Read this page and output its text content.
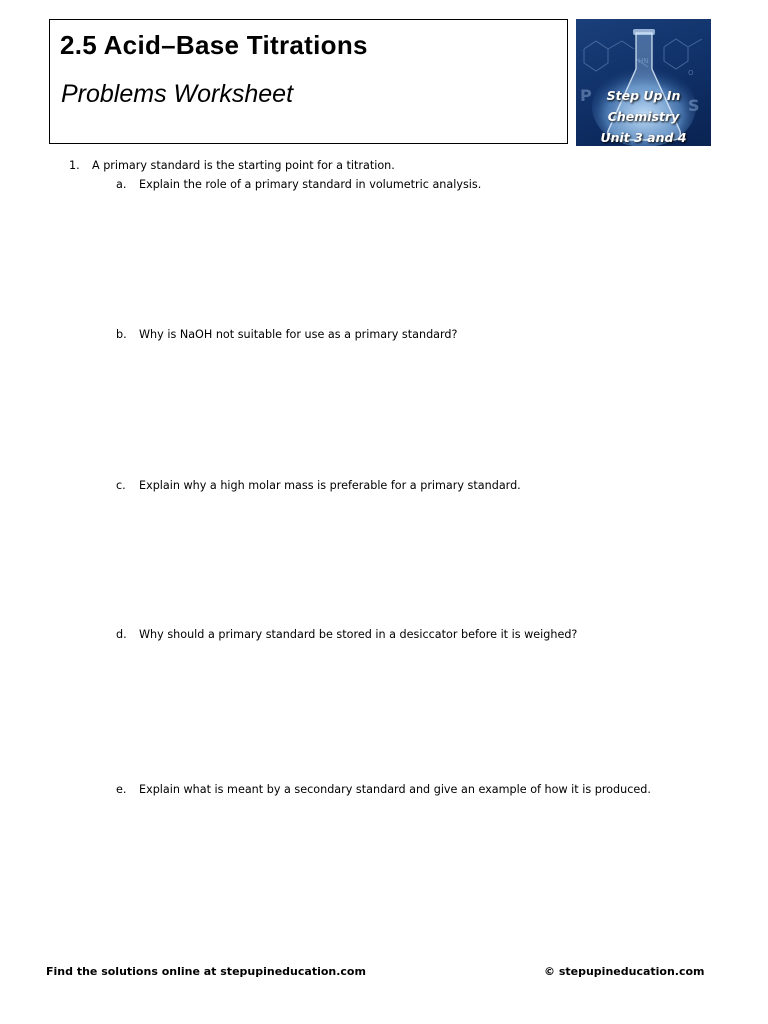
2.5 Acid–Base Titrations
Problems Worksheet
HN
O
P
S
Step Up In
Chemistry
Unit 3 and 4
1. A primary standard is the starting point for a titration.
a. Explain the role of a primary standard in volumetric analysis.
b. Why is NaOH not suitable for use as a primary standard?
c. Explain why a high molar mass is preferable for a primary standard.
d. Why should a primary standard be stored in a desiccator before it is weighed?
e. Explain what is meant by a secondary standard and give an example of how it is produced.
Find the solutions online at stepupineducation.com	© stepupineducation.com
